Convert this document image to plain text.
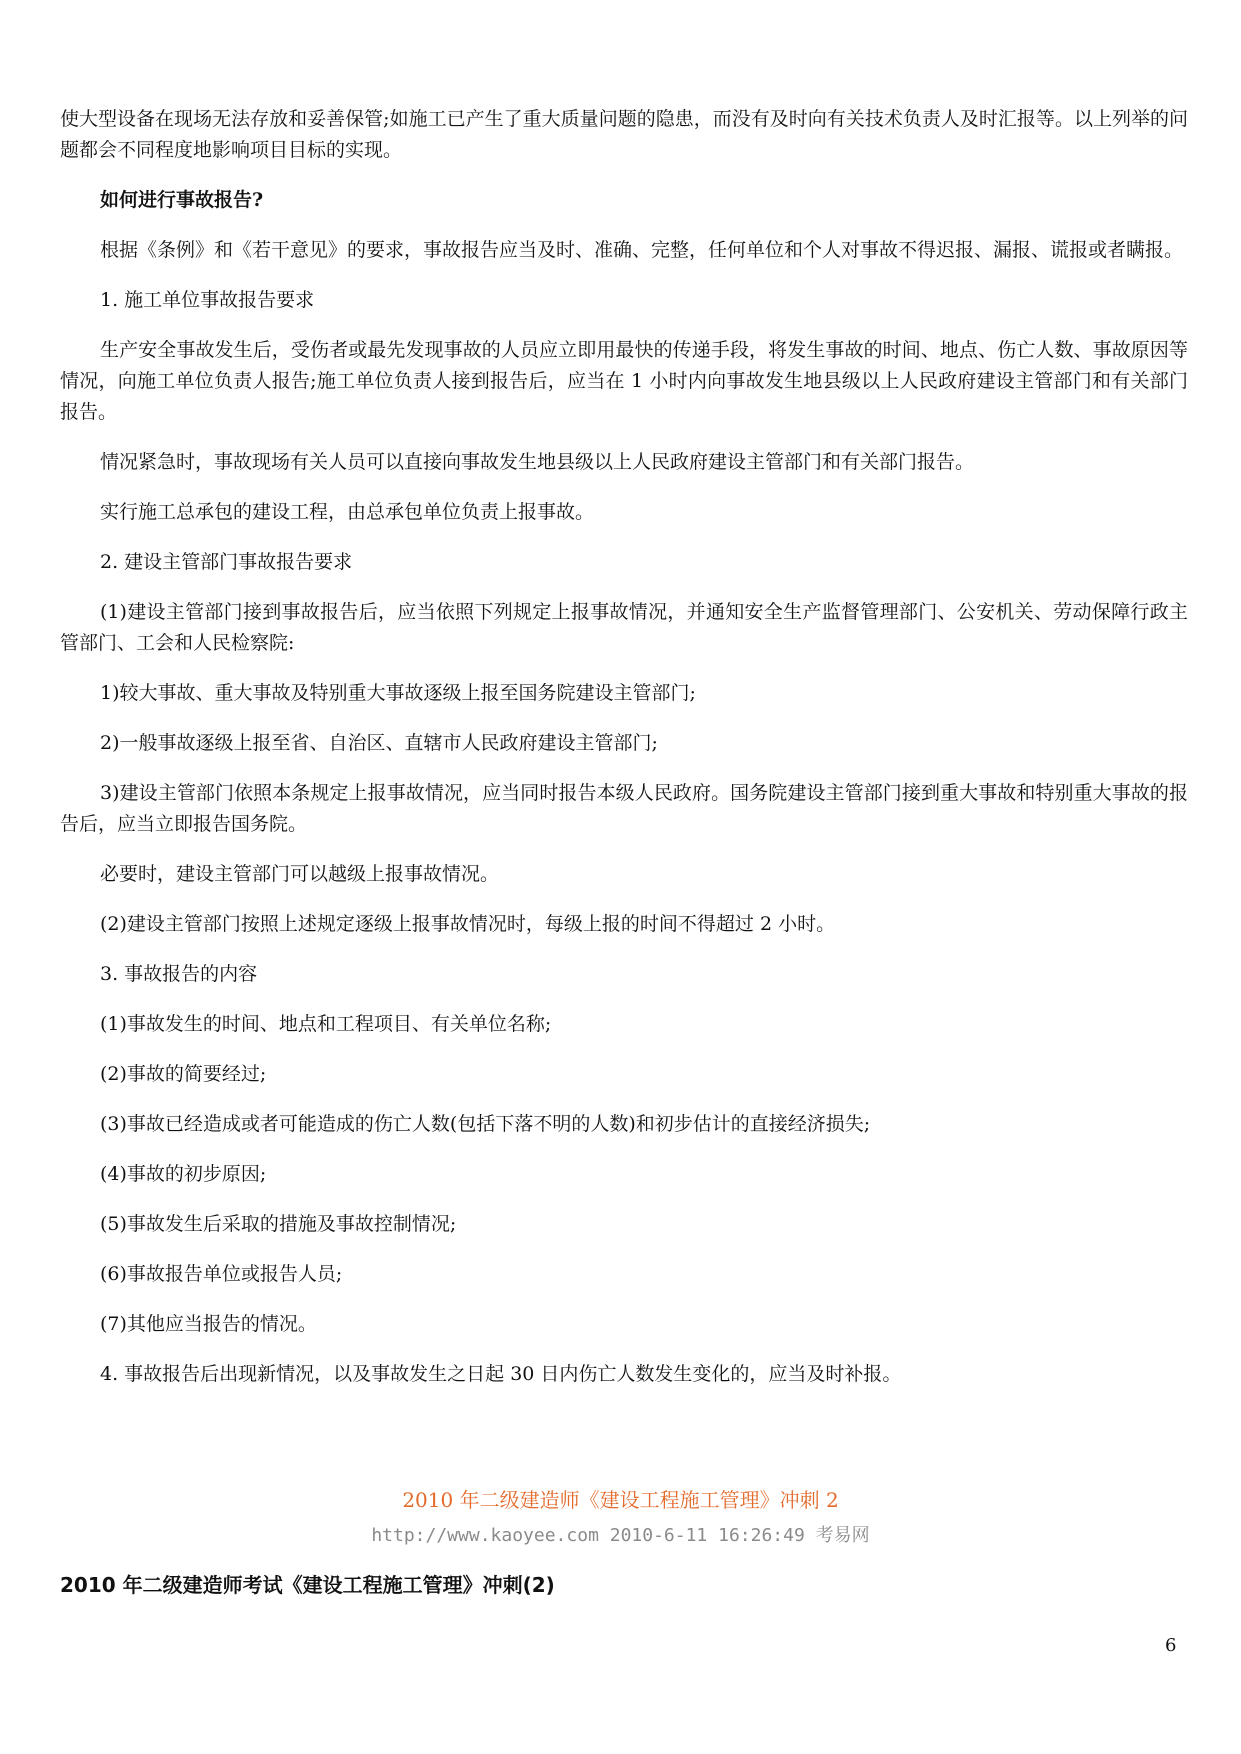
使大型设备在现场无法存放和妥善保管;如施工已产生了重大质量问题的隐患，而没有及时向有关技术负责人及时汇报等。以上列举的问题都会不同程度地影响项目目标的实现。

如何进行事故报告?

根据《条例》和《若干意见》的要求，事故报告应当及时、准确、完整，任何单位和个人对事故不得迟报、漏报、谎报或者瞒报。

1. 施工单位事故报告要求

生产安全事故发生后，受伤者或最先发现事故的人员应立即用最快的传递手段，将发生事故的时间、地点、伤亡人数、事故原因等情况，向施工单位负责人报告;施工单位负责人接到报告后，应当在 1 小时内向事故发生地县级以上人民政府建设主管部门和有关部门报告。

情况紧急时，事故现场有关人员可以直接向事故发生地县级以上人民政府建设主管部门和有关部门报告。

实行施工总承包的建设工程，由总承包单位负责上报事故。

2. 建设主管部门事故报告要求

(1)建设主管部门接到事故报告后，应当依照下列规定上报事故情况，并通知安全生产监督管理部门、公安机关、劳动保障行政主管部门、工会和人民检察院:

1)较大事故、重大事故及特别重大事故逐级上报至国务院建设主管部门;

2)一般事故逐级上报至省、自治区、直辖市人民政府建设主管部门;

3)建设主管部门依照本条规定上报事故情况，应当同时报告本级人民政府。国务院建设主管部门接到重大事故和特别重大事故的报告后，应当立即报告国务院。

必要时，建设主管部门可以越级上报事故情况。

(2)建设主管部门按照上述规定逐级上报事故情况时，每级上报的时间不得超过 2 小时。

3. 事故报告的内容

(1)事故发生的时间、地点和工程项目、有关单位名称;

(2)事故的简要经过;

(3)事故已经造成或者可能造成的伤亡人数(包括下落不明的人数)和初步估计的直接经济损失;

(4)事故的初步原因;

(5)事故发生后采取的措施及事故控制情况;

(6)事故报告单位或报告人员;

(7)其他应当报告的情况。

4. 事故报告后出现新情况，以及事故发生之日起 30 日内伤亡人数发生变化的，应当及时补报。

2010 年二级建造师《建设工程施工管理》冲刺 2
http://www.kaoyee.com 2010-6-11 16:26:49 考易网
2010 年二级建造师考试《建设工程施工管理》冲刺(2)
6
